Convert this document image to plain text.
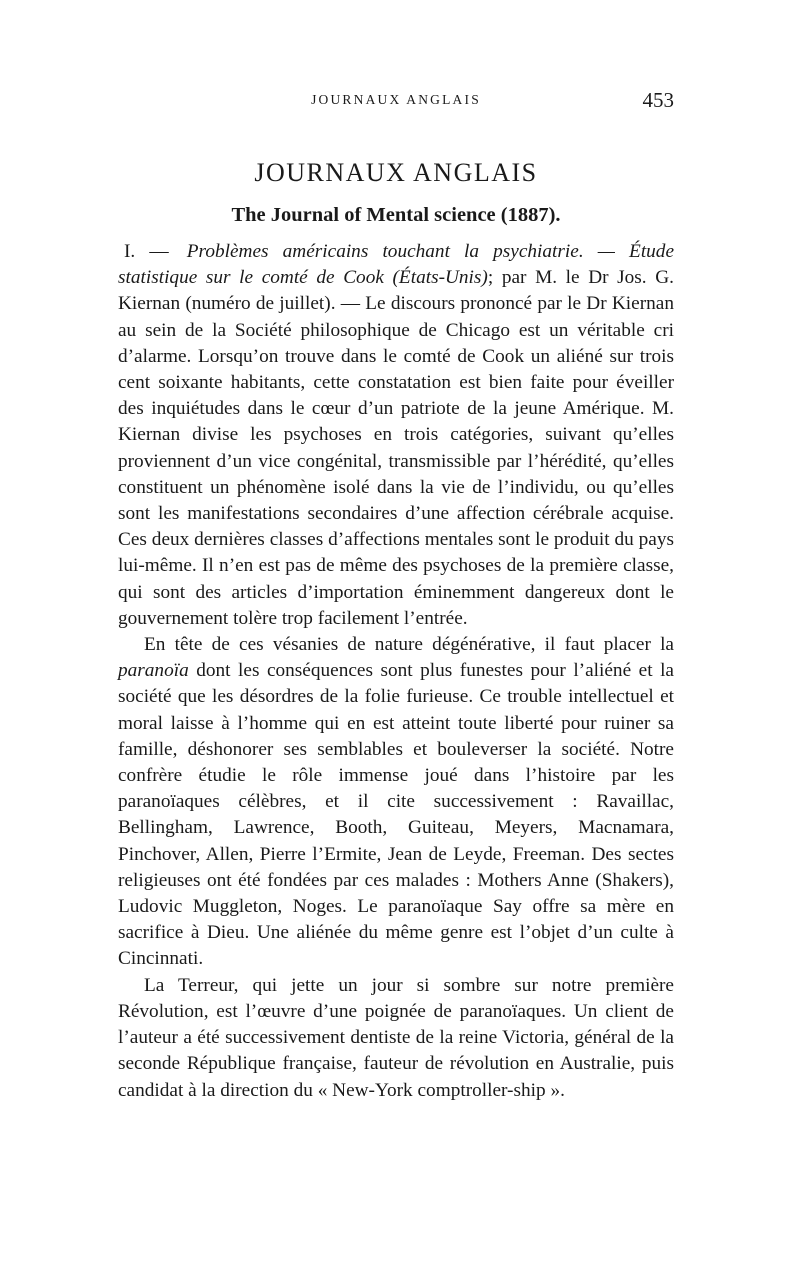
JOURNAUX ANGLAIS	453
JOURNAUX ANGLAIS
The Journal of Mental science (1887).

I. — Problèmes américains touchant la psychiatrie. — Étude statistique sur le comté de Cook (États-Unis); par M. le Dr Jos. G. Kiernan (numéro de juillet). — Le discours prononcé par le Dr Kiernan au sein de la Société philosophique de Chicago est un véritable cri d’alarme. Lorsqu’on trouve dans le comté de Cook un aliéné sur trois cent soixante habitants, cette constatation est bien faite pour éveiller des inquiétudes dans le cœur d’un patriote de la jeune Amérique. M. Kiernan divise les psychoses en trois catégories, suivant qu’elles proviennent d’un vice congénital, transmissible par l’hérédité, qu’elles constituent un phénomène isolé dans la vie de l’individu, ou qu’elles sont les manifestations secondaires d’une affection cérébrale acquise. Ces deux dernières classes d’affections mentales sont le produit du pays lui-même. Il n’en est pas de même des psychoses de la première classe, qui sont des articles d’importation éminemment dangereux dont le gouvernement tolère trop facilement l’entrée.

En tête de ces vésanies de nature dégénérative, il faut placer la paranoïa dont les conséquences sont plus funestes pour l’aliéné et la société que les désordres de la folie furieuse. Ce trouble intellectuel et moral laisse à l’homme qui en est atteint toute liberté pour ruiner sa famille, déshonorer ses semblables et bouleverser la société. Notre confrère étudie le rôle immense joué dans l’histoire par les paranoïaques célèbres, et il cite successivement : Ravaillac, Bellingham, Lawrence, Booth, Guiteau, Meyers, Macnamara, Pinchover, Allen, Pierre l’Ermite, Jean de Leyde, Freeman. Des sectes religieuses ont été fondées par ces malades : Mothers Anne (Shakers), Ludovic Muggleton, Noges. Le paranoïaque Say offre sa mère en sacrifice à Dieu. Une aliénée du même genre est l’objet d’un culte à Cincinnati.

La Terreur, qui jette un jour si sombre sur notre première Révolution, est l’œuvre d’une poignée de paranoïaques. Un client de l’auteur a été successivement dentiste de la reine Victoria, général de la seconde République française, fauteur de révolution en Australie, puis candidat à la direction du « New-York comptroller-ship ».
